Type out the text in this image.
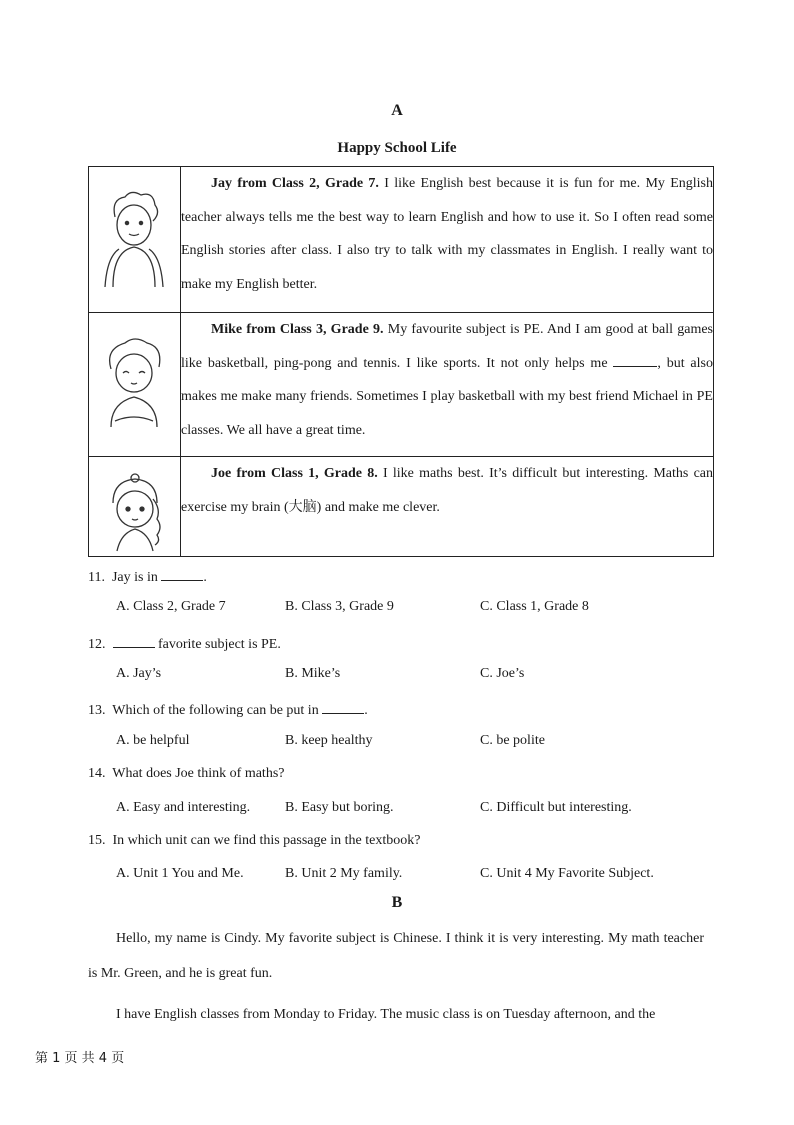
A
Happy School Life
	Jay from Class 2, Grade 7. I like English best because it is fun for me. My English teacher always tells me the best way to learn English and how to use it. So I often read some English stories after class. I also try to talk with my classmates in English. I really want to make my English better.

	Mike from Class 3, Grade 9. My favourite subject is PE. And I am good at ball games like basketball, ping-pong and tennis. I like sports. It not only helps me , but also makes me make many friends. Sometimes I play basketball with my best friend Michael in PE classes. We all have a great time.

	Joe from Class 1, Grade 8. I like maths best. It’s difficult but interesting. Maths can exercise my brain (大脑) and make me clever.
11. Jay is in	.
A. Class 2, Grade 7	B. Class 3, Grade 9	C. Class 1, Grade 8
12.	favorite subject is PE.
A. Jay’s	B. Mike’s	C. Joe’s
13. Which of the following can be put in	.
A. be helpful	B. keep healthy	C. be polite
14. What does Joe think of maths?
A. Easy and interesting. B. Easy but boring.	C. Difficult but interesting.
15. In which unit can we find this passage in the textbook?
A. Unit 1 You and Me.	B. Unit 2 My family.	C. Unit 4 My Favorite Subject.
B
Hello, my name is Cindy. My favorite subject is Chinese. I think it is very interesting. My math teacher is Mr. Green, and he is great fun.
I have English classes from Monday to Friday. The music class is on Tuesday afternoon, and the
第 1 页 共 4 页
